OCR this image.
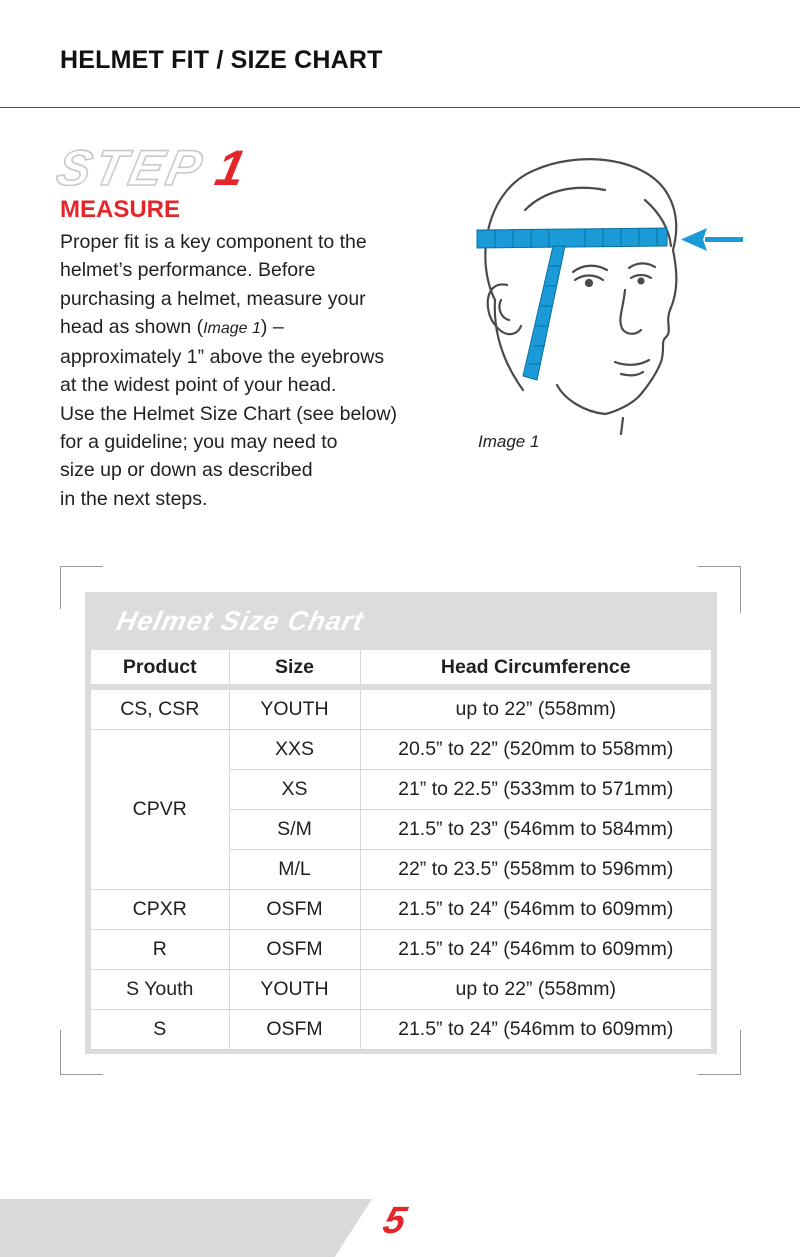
HELMET FIT / SIZE CHART
STEP1
MEASURE
Proper fit is a key component to the
helmet’s performance. Before
purchasing a helmet, measure your
head as shown (Image 1) –
approximately 1” above the eyebrows
at the widest point of your head.
Use the Helmet Size Chart (see below)
for a guideline; you may need to
size up or down as described
in the next steps.
Image 1
Helmet Size Chart
Product	Size	Head Circumference
CS, CSR	YOUTH	up to 22” (558mm)
CPVR	XXS	20.5” to 22” (520mm to 558mm)
	XS	21” to 22.5” (533mm to 571mm)
	S/M	21.5” to 23” (546mm to 584mm)
	M/L	22” to 23.5” (558mm to 596mm)
CPXR	OSFM	21.5” to 24” (546mm to 609mm)
R	OSFM	21.5” to 24” (546mm to 609mm)
S Youth	YOUTH	up to 22” (558mm)
S	OSFM	21.5” to 24” (546mm to 609mm)
5
